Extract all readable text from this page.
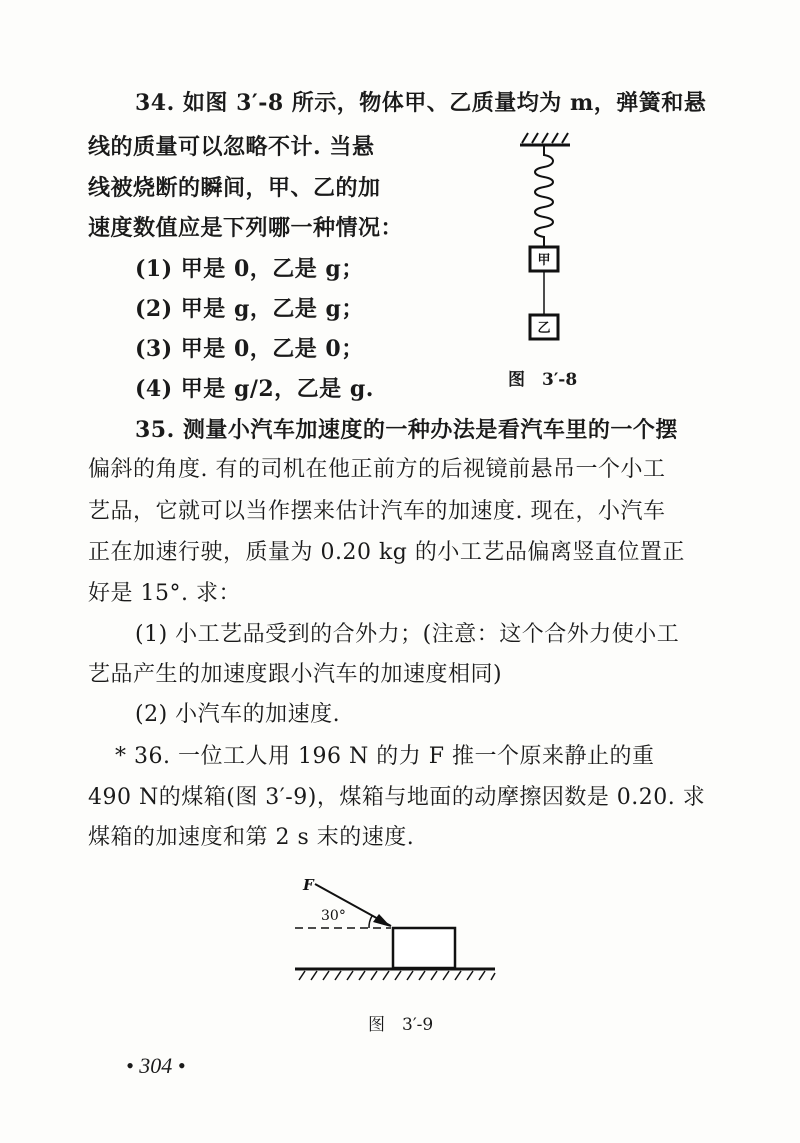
34. 如图 3′-8 所示，物体甲、乙质量均为 m，弹簧和悬
线的质量可以忽略不计. 当悬
线被烧断的瞬间，甲、乙的加
速度数值应是下列哪一种情况：
(1) 甲是 0，乙是 g；
(2) 甲是 g，乙是 g；
(3) 甲是 0，乙是 0；
(4) 甲是 g/2，乙是 g.
甲
乙
图　3′-8
35. 测量小汽车加速度的一种办法是看汽车里的一个摆
偏斜的角度. 有的司机在他正前方的后视镜前悬吊一个小工
艺品，它就可以当作摆来估计汽车的加速度. 现在，小汽车
正在加速行驶，质量为 0.20 kg 的小工艺品偏离竖直位置正
好是 15°. 求：
(1) 小工艺品受到的合外力；(注意：这个合外力使小工
艺品产生的加速度跟小汽车的加速度相同)
(2) 小汽车的加速度.
* 36. 一位工人用 196 N 的力 F 推一个原来静止的重
490 N的煤箱(图 3′-9)，煤箱与地面的动摩擦因数是 0.20. 求
煤箱的加速度和第 2 s 末的速度.
F
30°
图　3′-9
• 304 •
